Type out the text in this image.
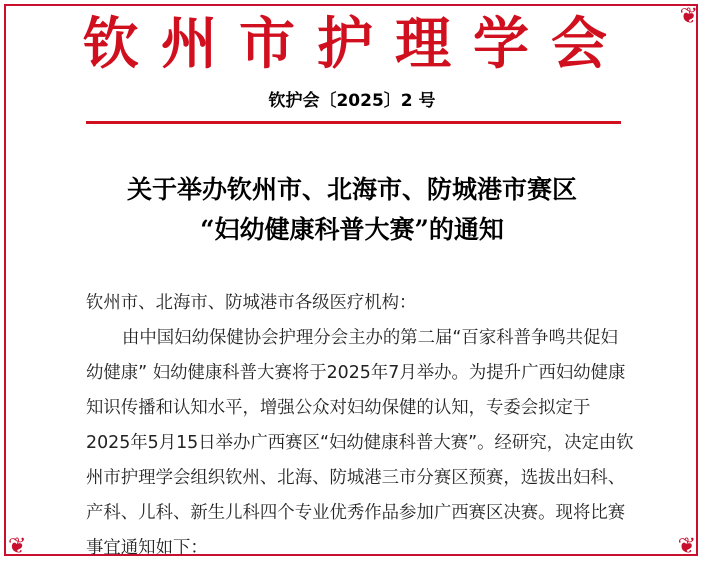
❦
❦	❦
钦州市护理学会
钦护会〔2025〕2 号
关于举办钦州市、北海市、防城港市赛区
“妇幼健康科普大赛”的通知

钦州市、北海市、防城港市各级医疗机构：

由中国妇幼保健协会护理分会主办的第二届“百家科普争鸣共促妇幼健康” 妇幼健康科普大赛将于2025年7月举办。为提升广西妇幼健康知识传播和认知水平，增强公众对妇幼保健的认知，专委会拟定于2025年5月15日举办广西赛区“妇幼健康科普大赛”。经研究，决定由钦州市护理学会组织钦州、北海、防城港三市分赛区预赛，选拔出妇科、产科、儿科、新生儿科四个专业优秀作品参加广西赛区决赛。现将比赛事宜通知如下：
